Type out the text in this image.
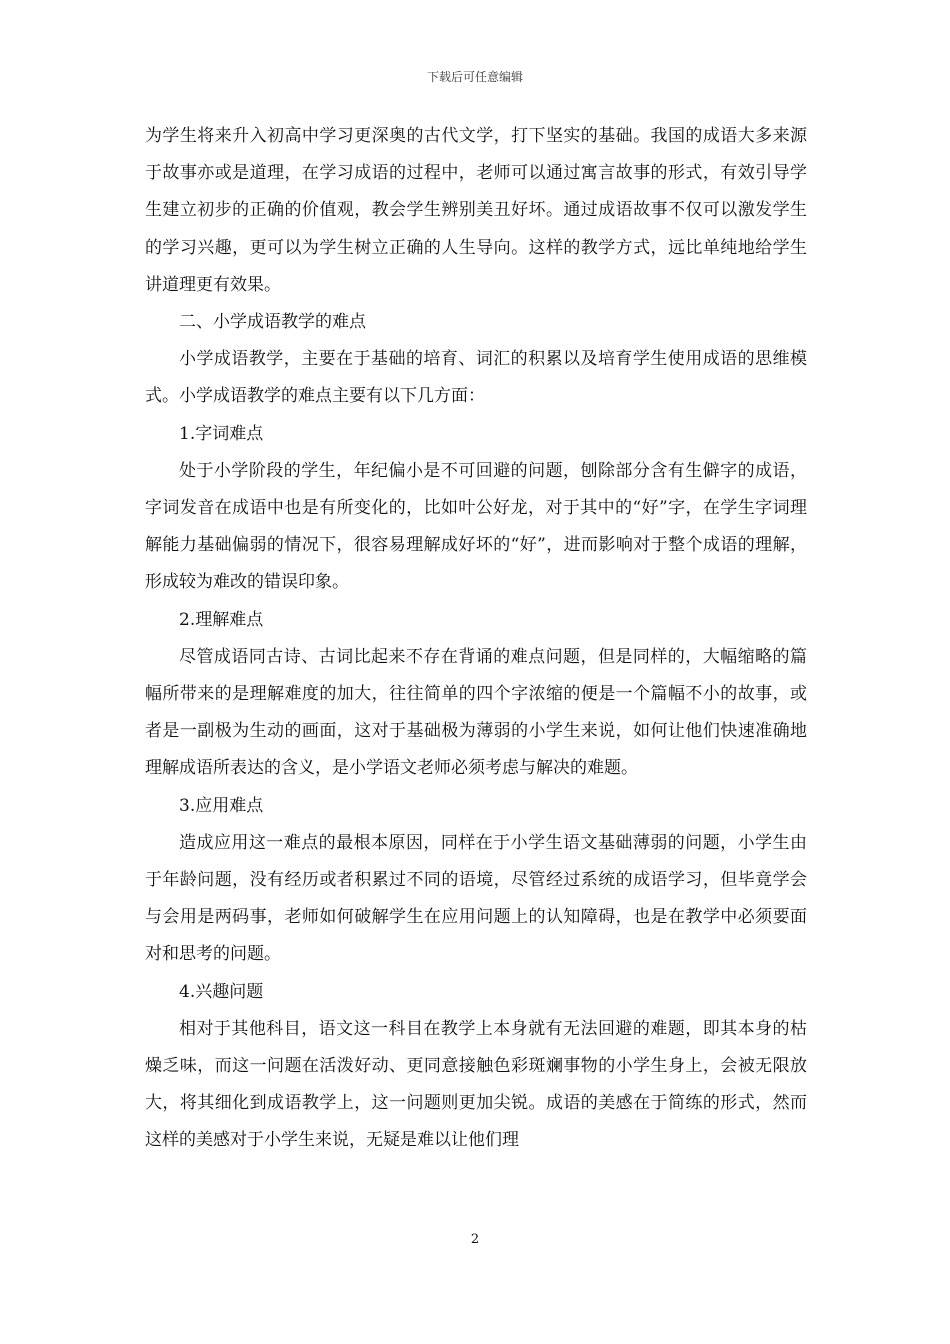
下载后可任意编辑

为学生将来升入初高中学习更深奥的古代文学，打下坚实的基础。我国的成语大多来源于故事亦或是道理，在学习成语的过程中，老师可以通过寓言故事的形式，有效引导学生建立初步的正确的价值观，教会学生辨别美丑好坏。通过成语故事不仅可以激发学生的学习兴趣，更可以为学生树立正确的人生导向。这样的教学方式，远比单纯地给学生讲道理更有效果。

二、小学成语教学的难点

小学成语教学，主要在于基础的培育、词汇的积累以及培育学生使用成语的思维模式。小学成语教学的难点主要有以下几方面：

1.字词难点

处于小学阶段的学生，年纪偏小是不可回避的问题，刨除部分含有生僻字的成语，字词发音在成语中也是有所变化的，比如叶公好龙，对于其中的“好”字，在学生字词理解能力基础偏弱的情况下，很容易理解成好坏的“好”，进而影响对于整个成语的理解，形成较为难改的错误印象。

2.理解难点

尽管成语同古诗、古词比起来不存在背诵的难点问题，但是同样的，大幅缩略的篇幅所带来的是理解难度的加大，往往简单的四个字浓缩的便是一个篇幅不小的故事，或者是一副极为生动的画面，这对于基础极为薄弱的小学生来说，如何让他们快速准确地理解成语所表达的含义，是小学语文老师必须考虑与解决的难题。

3.应用难点

造成应用这一难点的最根本原因，同样在于小学生语文基础薄弱的问题，小学生由于年龄问题，没有经历或者积累过不同的语境，尽管经过系统的成语学习，但毕竟学会与会用是两码事，老师如何破解学生在应用问题上的认知障碍，也是在教学中必须要面对和思考的问题。

4.兴趣问题

相对于其他科目，语文这一科目在教学上本身就有无法回避的难题，即其本身的枯燥乏味，而这一问题在活泼好动、更同意接触色彩斑斓事物的小学生身上，会被无限放大，将其细化到成语教学上，这一问题则更加尖锐。成语的美感在于简练的形式，然而这样的美感对于小学生来说，无疑是难以让他们理

2
